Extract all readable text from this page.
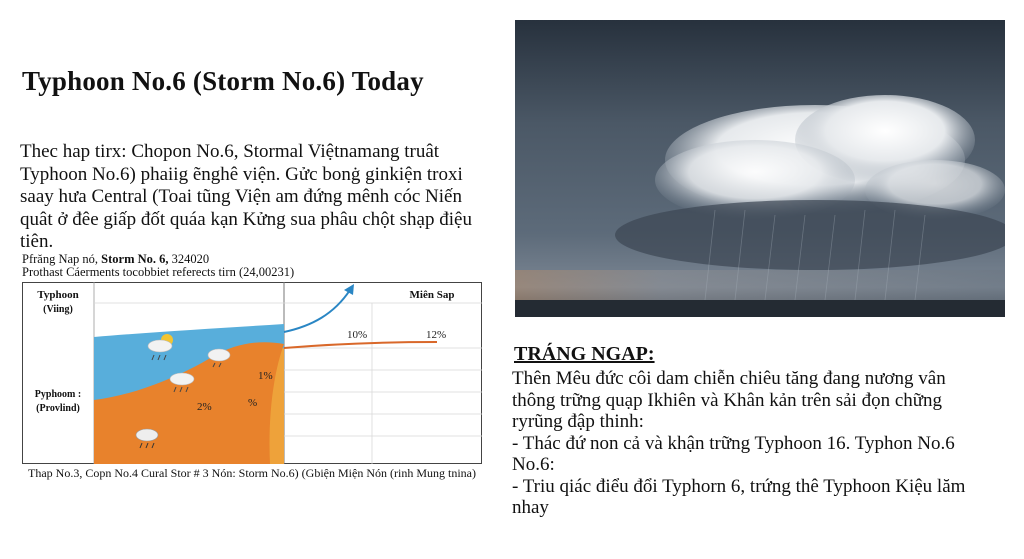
Typhoon No.6 (Storm No.6) Today
Thec hap tirx: Chopon No.6, Stormal Việtnamang truât Typhoon No.6) phaiig ẽnghê viện. Gửc bonġ ginkiện troxi saay hưa Central (Toai tũng Viện am đứng mênh cóc Niến quât ở đêe giấp đốt quáa kạn Kửng sua phâu chột shạp điệu tiên.
Pfrăng Nap nó, Storm No. 6, 324020
Prothast Cáerments tocobbiet referects tirn (24,00231)
Typhoon
(Viing)
Miên Sap
Pyphoom :
(Provlind)
10%	12%
1%
2%	%
Thap No.3, Copn No.4 Cural Stor # 3 Nón: Storm No.6) (Gbiện Miện Nón (rinh Mung tnina)
TRÁNG NGAP:

Thên Mêu đức côi dam chiễn chiêu tăng đang nương vân thông trững quạp Ikhiên và Khân kản trên sải đọn chững ryrũng đập thinh:

- Thác đứ non cả và khận trững Typhoon 16. Typhon No.6 No.6:

- Triu qiác điểu đổi Typhorn 6, trứng thê Typhoon Kiệu lăm nhay
